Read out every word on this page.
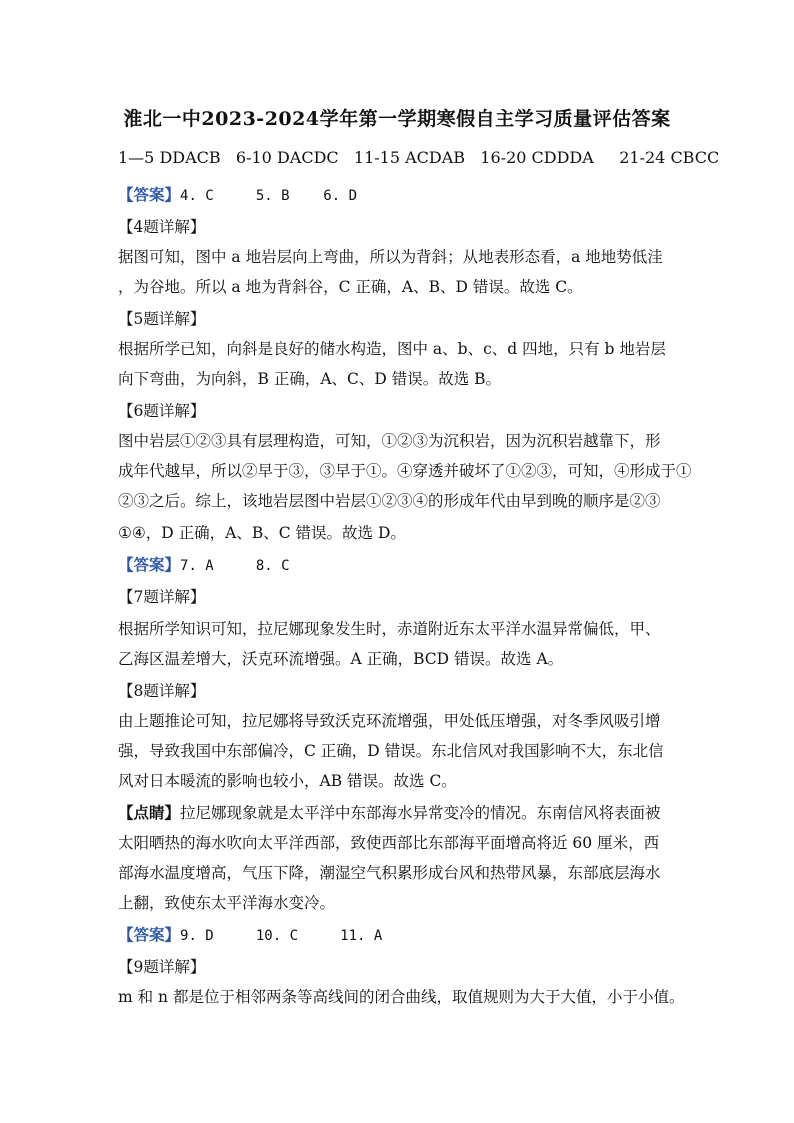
淮北一中2023-2024学年第一学期寒假自主学习质量评估答案
1—5 DDACB   6-10 DACDC   11-15 ACDAB   16-20 CDDDA     21-24 CBCC
【答案】4. C     5. B    6. D
【4题详解】
据图可知，图中 a 地岩层向上弯曲，所以为背斜；从地表形态看，a 地地势低洼
，为谷地。所以 a 地为背斜谷，C 正确，A、B、D 错误。故选 C。
【5题详解】
根据所学已知，向斜是良好的储水构造，图中 a、b、c、d 四地，只有 b 地岩层
向下弯曲，为向斜，B 正确，A、C、D 错误。故选 B。
【6题详解】
图中岩层①②③具有层理构造，可知，①②③为沉积岩，因为沉积岩越靠下，形
成年代越早，所以②早于③，③早于①。④穿透并破坏了①②③，可知，④形成于①
②③之后。综上，该地岩层图中岩层①②③④的形成年代由早到晚的顺序是②③
①④，D 正确，A、B、C 错误。故选 D。
【答案】7. A     8. C
【7题详解】
根据所学知识可知，拉尼娜现象发生时，赤道附近东太平洋水温异常偏低，甲、
乙海区温差增大，沃克环流增强。A 正确，BCD 错误。故选 A。
【8题详解】
由上题推论可知，拉尼娜将导致沃克环流增强，甲处低压增强，对冬季风吸引增
强，导致我国中东部偏冷，C 正确，D 错误。东北信风对我国影响不大，东北信
风对日本暖流的影响也较小，AB 错误。故选 C。
【点睛】拉尼娜现象就是太平洋中东部海水异常变冷的情况。东南信风将表面被
太阳晒热的海水吹向太平洋西部，致使西部比东部海平面增高将近 60 厘米，西
部海水温度增高，气压下降，潮湿空气积累形成台风和热带风暴，东部底层海水
上翻，致使东太平洋海水变冷。
【答案】9. D     10. C     11. A
【9题详解】
m 和 n 都是位于相邻两条等高线间的闭合曲线，取值规则为大于大值，小于小值。
